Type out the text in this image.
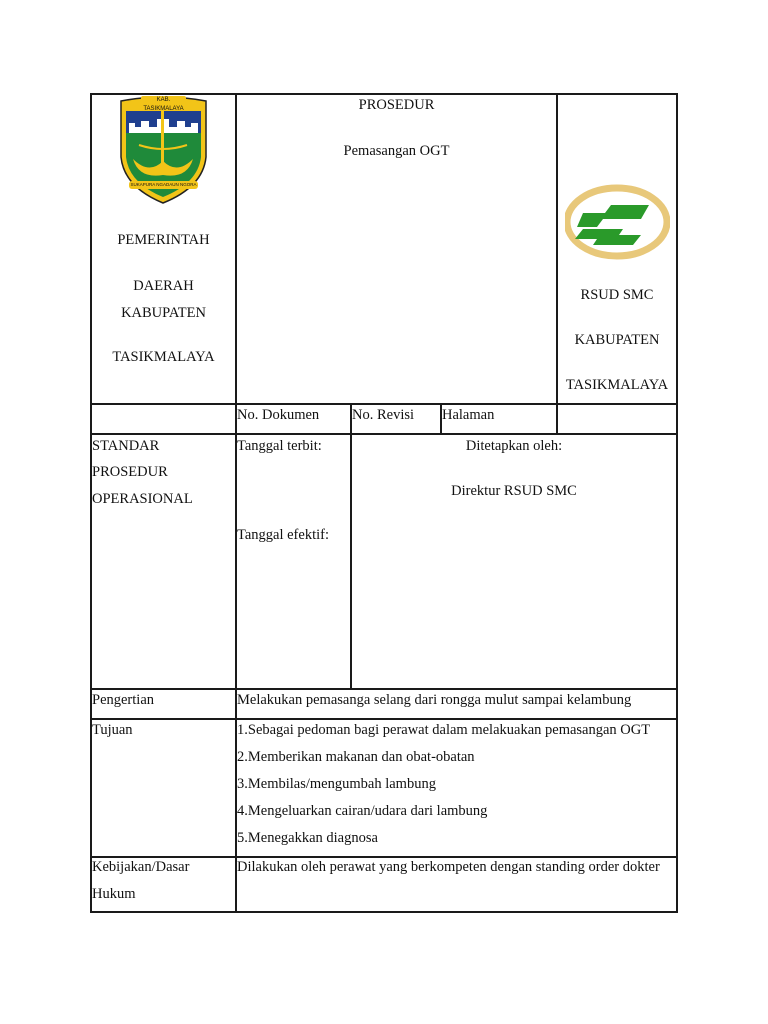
KAB. TASIKMALAYA
SUKAPURA NGADAUN NGORA
PEMERINTAH
DAERAH
KABUPATEN
TASIKMALAYA
PROSEDUR
Pemasangan OGT
RSUD SMC
KABUPATEN
TASIKMALAYA
No. Dokumen No. Revisi Halaman
STANDAR
PROSEDUR
OPERASIONAL
Tanggal terbit:
Tanggal efektif:
Ditetapkan oleh:
Direktur RSUD SMC
Pengertian	Melakukan pemasanga selang dari rongga mulut sampai kelambung
Tujuan	1.Sebagai pedoman bagi perawat dalam melakuakan pemasangan OGT
2.Memberikan makanan dan obat-obatan
3.Membilas/mengumbah lambung
4.Mengeluarkan cairan/udara dari lambung
5.Menegakkan diagnosa
Kebijakan/Dasar
Hukum
Dilakukan oleh perawat yang berkompeten dengan standing order dokter
